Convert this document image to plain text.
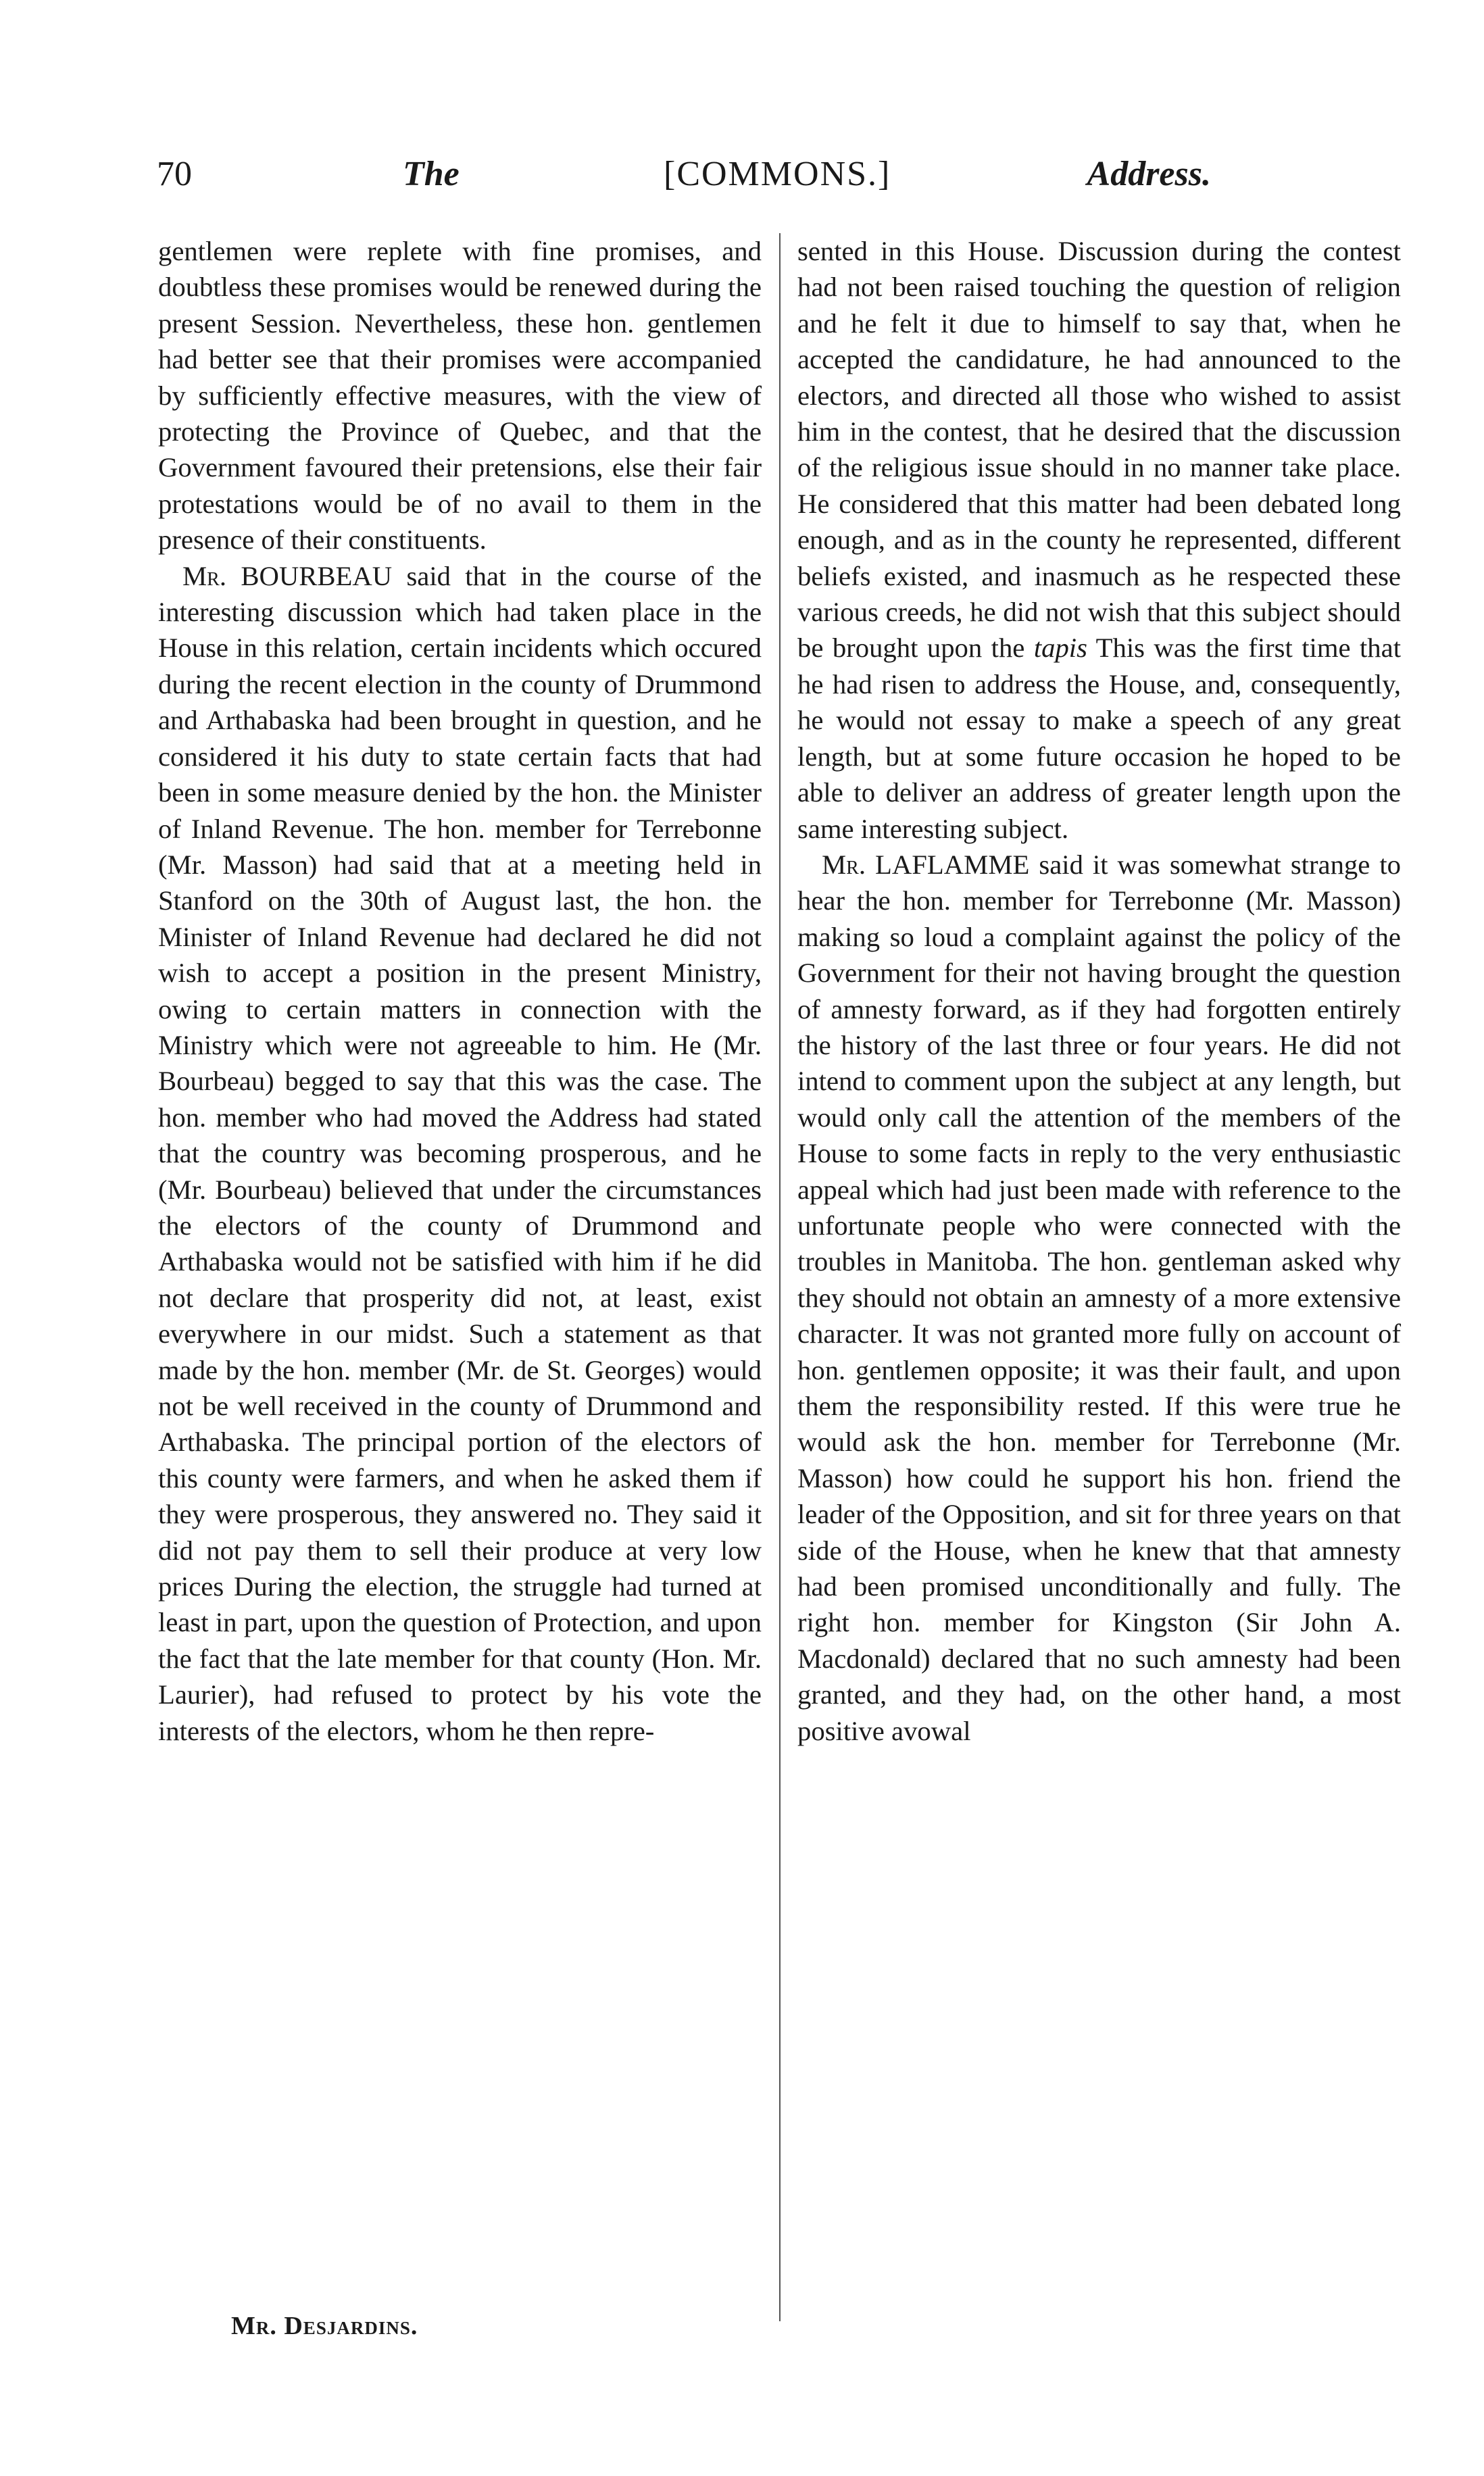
70	The	[COMMONS.]	Address.

gentlemen were replete with fine promises, and doubtless these promises would be renewed during the present Session. Nevertheless, these hon. gentlemen had better see that their promises were accompanied by sufficiently effective measures, with the view of protecting the Province of Quebec, and that the Government favoured their pretensions, else their fair protestations would be of no avail to them in the presence of their constituents.

Mr. BOURBEAU said that in the course of the interesting discussion which had taken place in the House in this relation, certain incidents which occured during the recent election in the county of Drummond and Arthabaska had been brought in question, and he considered it his duty to state certain facts that had been in some measure denied by the hon. the Minister of Inland Revenue. The hon. member for Terrebonne (Mr. Masson) had said that at a meeting held in Stanford on the 30th of August last, the hon. the Minister of Inland Revenue had declared he did not wish to accept a position in the present Ministry, owing to certain matters in connection with the Ministry which were not agreeable to him. He (Mr. Bourbeau) begged to say that this was the case. The hon. member who had moved the Address had stated that the country was becoming prosperous, and he (Mr. Bourbeau) believed that under the circumstances the electors of the county of Drummond and Arthabaska would not be satisfied with him if he did not declare that prosperity did not, at least, exist everywhere in our midst. Such a statement as that made by the hon. member (Mr. de St. Georges) would not be well received in the county of Drummond and Arthabaska. The principal portion of the electors of this county were farmers, and when he asked them if they were prosperous, they answered no. They said it did not pay them to sell their produce at very low prices During the election, the struggle had turned at least in part, upon the question of Protection, and upon the fact that the late member for that county (Hon. Mr. Laurier), had refused to protect by his vote the interests of the electors, whom he then repre-

sented in this House. Discussion during the contest had not been raised touching the question of religion and he felt it due to himself to say that, when he accepted the candidature, he had announced to the electors, and directed all those who wished to assist him in the contest, that he desired that the discussion of the religious issue should in no manner take place. He considered that this matter had been debated long enough, and as in the county he represented, different beliefs existed, and inasmuch as he respected these various creeds, he did not wish that this subject should be brought upon the tapis This was the first time that he had risen to address the House, and, consequently, he would not essay to make a speech of any great length, but at some future occasion he hoped to be able to deliver an address of greater length upon the same interesting subject.

Mr. LAFLAMME said it was somewhat strange to hear the hon. member for Terrebonne (Mr. Masson) making so loud a complaint against the policy of the Government for their not having brought the question of amnesty forward, as if they had forgotten entirely the history of the last three or four years. He did not intend to comment upon the subject at any length, but would only call the attention of the members of the House to some facts in reply to the very enthusiastic appeal which had just been made with reference to the unfortunate people who were connected with the troubles in Manitoba. The hon. gentleman asked why they should not obtain an amnesty of a more extensive character. It was not granted more fully on account of hon. gentlemen opposite; it was their fault, and upon them the responsibility rested. If this were true he would ask the hon. member for Terrebonne (Mr. Masson) how could he support his hon. friend the leader of the Opposition, and sit for three years on that side of the House, when he knew that that amnesty had been promised unconditionally and fully. The right hon. member for Kingston (Sir John A. Macdonald) declared that no such amnesty had been granted, and they had, on the other hand, a most positive avowal

Mr. Desjardins.
